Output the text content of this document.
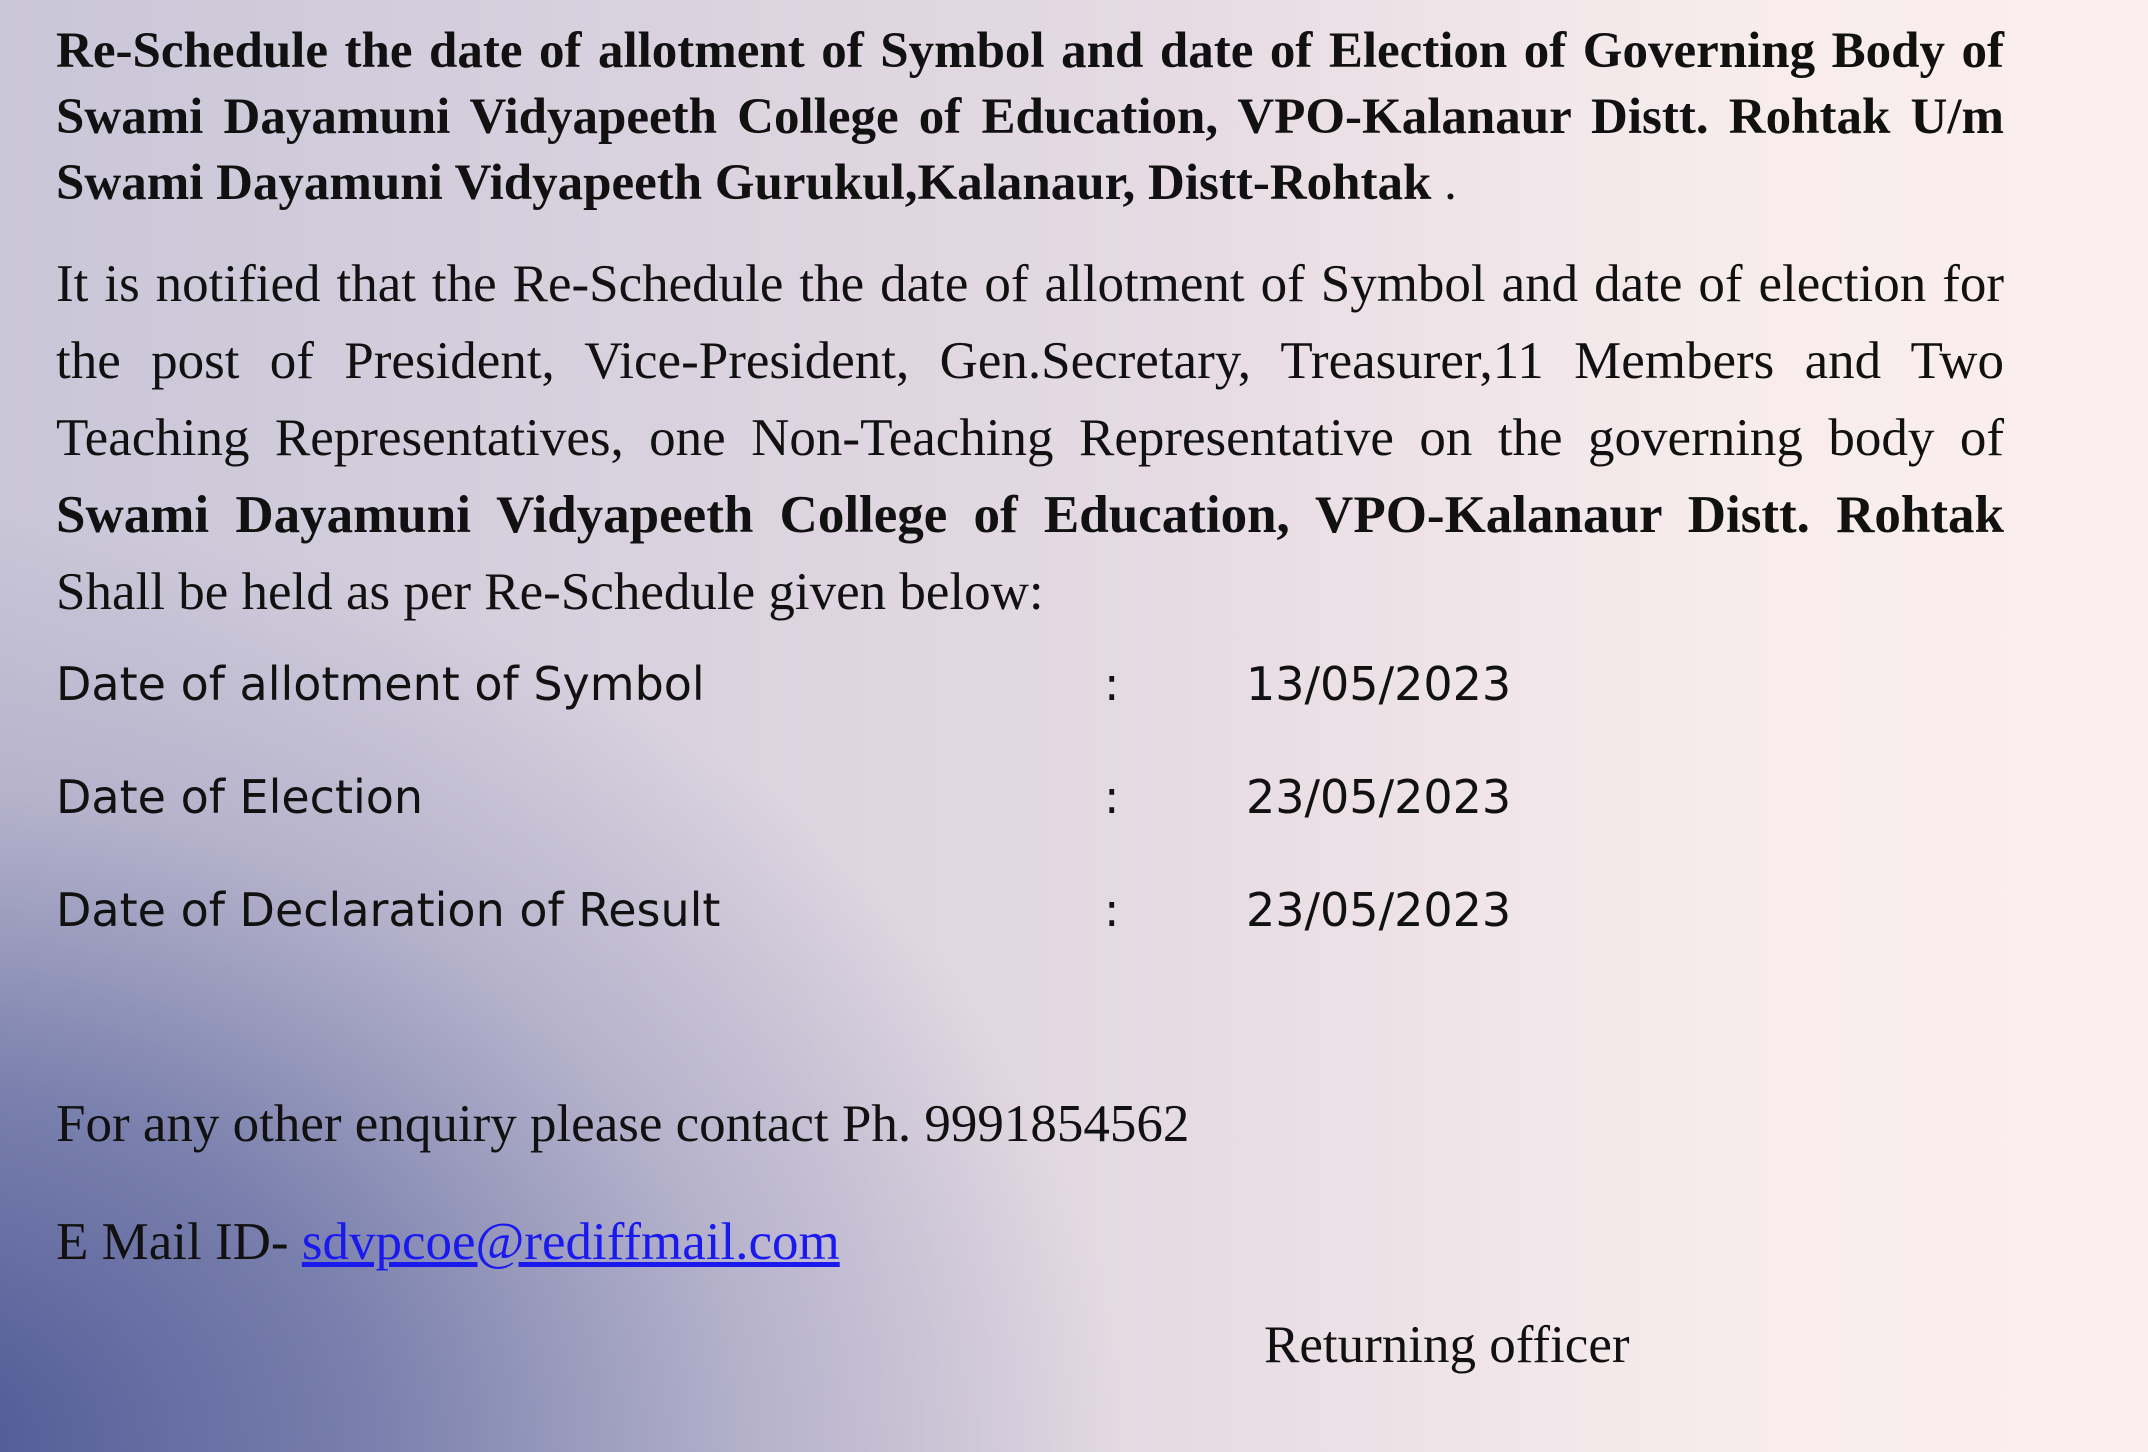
Re-Schedule the date of allotment of Symbol and date of Election of Governing Body of Swami Dayamuni Vidyapeeth College of Education, VPO-Kalanaur Distt. Rohtak U/m Swami Dayamuni Vidyapeeth Gurukul,Kalanaur, Distt-Rohtak .

It is notified that the Re-Schedule the date of allotment of Symbol and date of election for the post of President, Vice-President, Gen.Secretary, Treasurer,11 Members and Two Teaching Representatives, one Non-Teaching Representative on the governing body of Swami Dayamuni Vidyapeeth College of Education, VPO-Kalanaur Distt. Rohtak Shall be held as per Re-Schedule given below:

Date of allotment of Symbol	:	13/05/2023
Date of Election	:	23/05/2023
Date of Declaration of Result	:	23/05/2023

For any other enquiry please contact Ph. 9991854562

E Mail ID- sdvpcoe@rediffmail.com

Returning officer
